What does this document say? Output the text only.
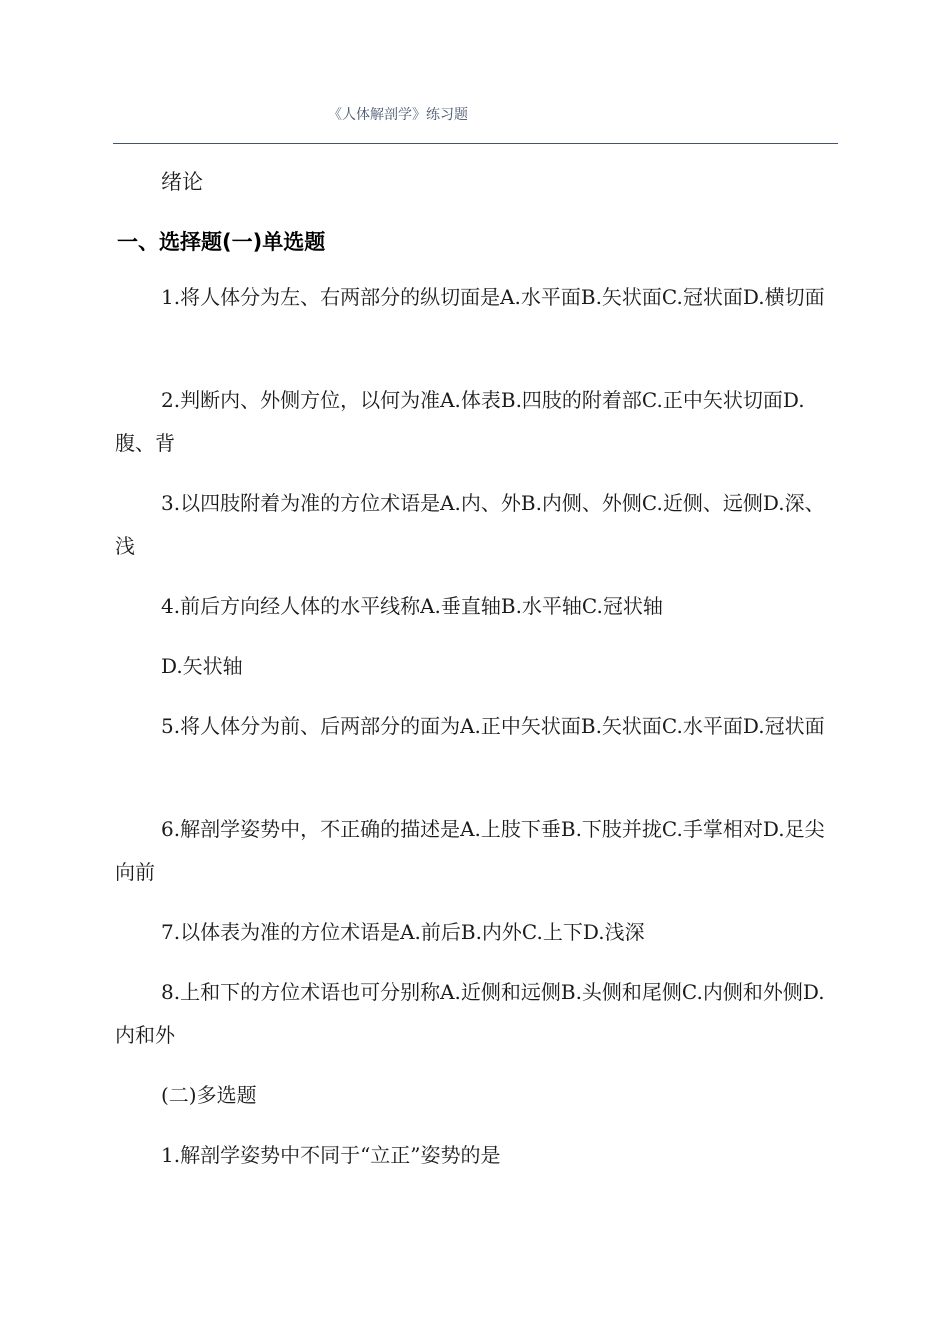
《人体解剖学》练习题
绪论
一、选择题(一)单选题
1.将人体分为左、右两部分的纵切面是A.水平面B.矢状面C.冠状面D.横切面
2.判断内、外侧方位，以何为准A.体表B.四肢的附着部C.正中矢状切面D.腹、背
3.以四肢附着为准的方位术语是A.内、外B.内侧、外侧C.近侧、远侧D.深、浅
4.前后方向经人体的水平线称A.垂直轴B.水平轴C.冠状轴
D.矢状轴
5.将人体分为前、后两部分的面为A.正中矢状面B.矢状面C.水平面D.冠状面
6.解剖学姿势中，不正确的描述是A.上肢下垂B.下肢并拢C.手掌相对D.足尖向前
7.以体表为准的方位术语是A.前后B.内外C.上下D.浅深
8.上和下的方位术语也可分别称A.近侧和远侧B.头侧和尾侧C.内侧和外侧D.内和外
(二)多选题
1.解剖学姿势中不同于“立正”姿势的是
